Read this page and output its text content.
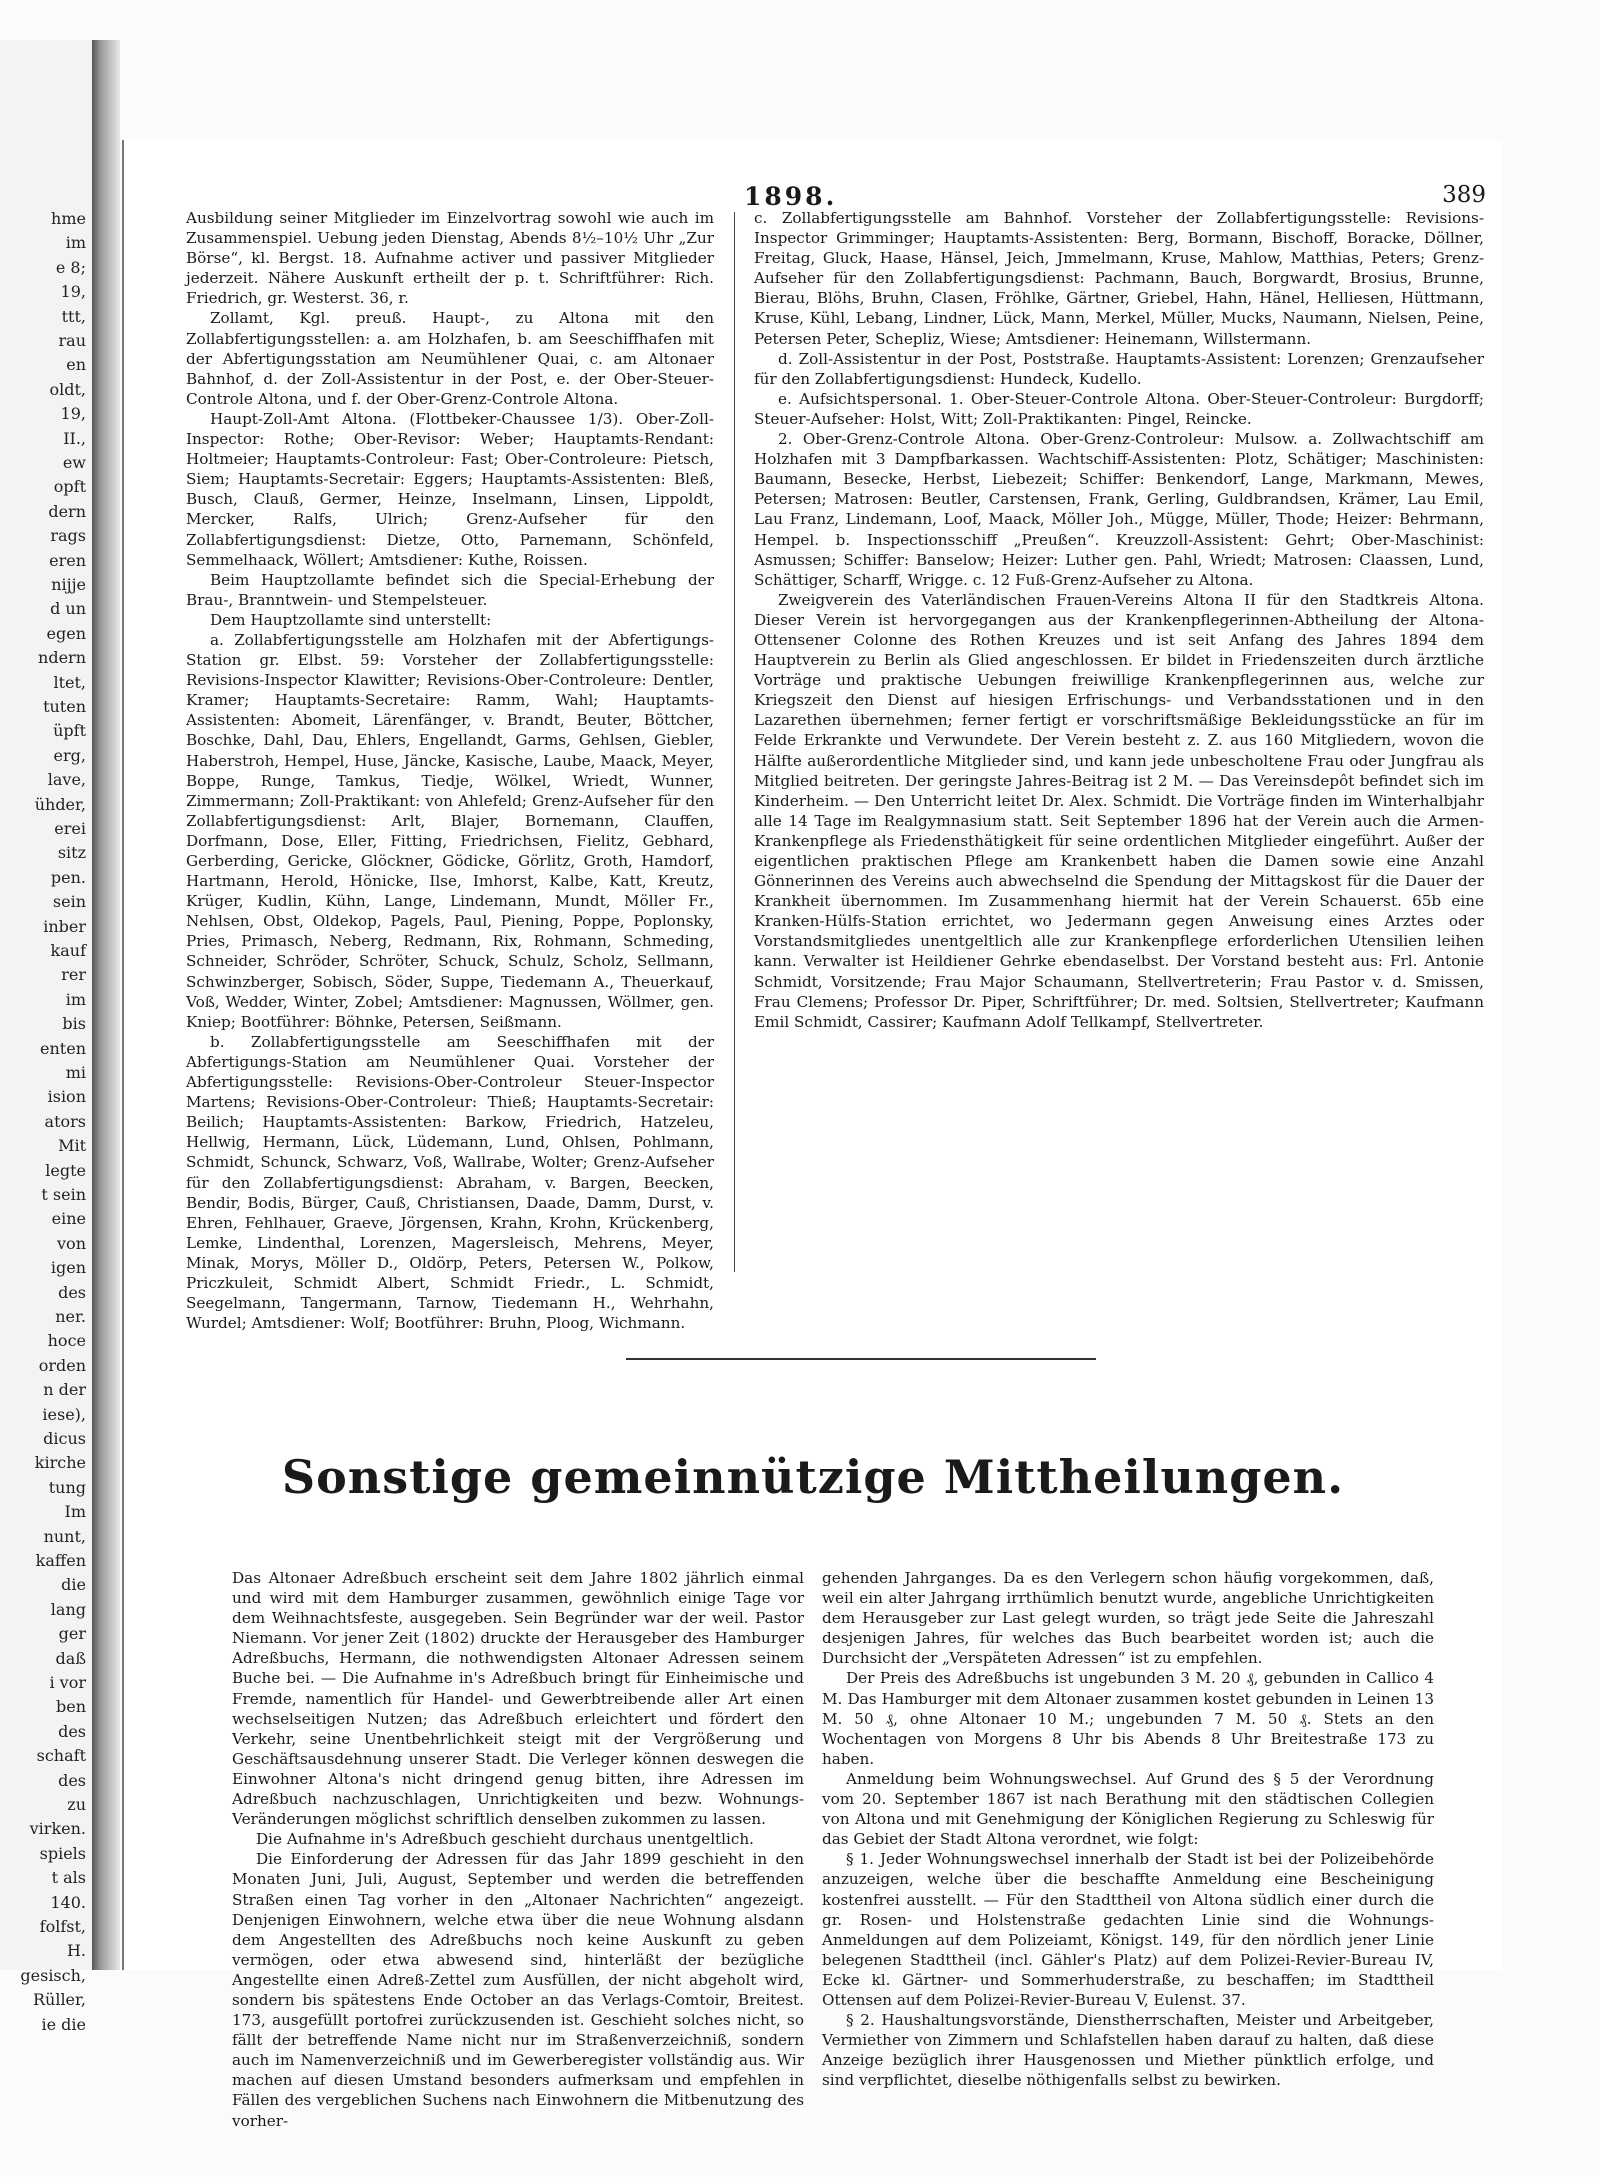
hme
im
e 8;
19,
ttt,
rau
en
oldt,
19,
II.,
ew
opft
dern
rags
eren
nijje
d un
egen
ndern
ltet,
tuten
üpft
erg,
lave,
ühder,
erei
sitz
pen.
sein
inber
kauf
rer
im
bis
enten
mi
ision
ators
Mit
legte
t sein
eine
von
igen
des
ner.
hoce
orden
n der
iese),
dicus
kirche
tung
Im
nunt,
kaffen
die
lang
ger
daß
i vor
ben
des
schaft
des
zu
virken.
spiels
t als
140.
folfst,
H.
gesisch,
Rüller,
ie die
1898.	389

Ausbildung seiner Mitglieder im Einzelvortrag sowohl wie auch im Zusammenspiel. Uebung jeden Dienstag, Abends 8½–10½ Uhr „Zur Börse“, kl. Bergst. 18. Aufnahme activer und passiver Mitglieder jederzeit. Nähere Auskunft ertheilt der p. t. Schriftführer: Rich. Friedrich, gr. Westerst. 36, r.

Zollamt, Kgl. preuß. Haupt-, zu Altona mit den Zollabfertigungsstellen: a. am Holzhafen, b. am Seeschiffhafen mit der Abfertigungsstation am Neumühlener Quai, c. am Altonaer Bahnhof, d. der Zoll-Assistentur in der Post, e. der Ober-Steuer-Controle Altona, und f. der Ober-Grenz-Controle Altona.

Haupt-Zoll-Amt Altona. (Flottbeker-Chaussee 1/3). Ober-Zoll-Inspector: Rothe; Ober-Revisor: Weber; Hauptamts-Rendant: Holtmeier; Hauptamts-Controleur: Fast; Ober-Controleure: Pietsch, Siem; Hauptamts-Secretair: Eggers; Hauptamts-Assistenten: Bleß, Busch, Clauß, Germer, Heinze, Inselmann, Linsen, Lippoldt, Mercker, Ralfs, Ulrich; Grenz-Aufseher für den Zollabfertigungsdienst: Dietze, Otto, Parnemann, Schönfeld, Semmelhaack, Wöllert; Amtsdiener: Kuthe, Roissen.

Beim Hauptzollamte befindet sich die Special-Erhebung der Brau-, Branntwein- und Stempelsteuer.

Dem Hauptzollamte sind unterstellt:

a. Zollabfertigungsstelle am Holzhafen mit der Abfertigungs-Station gr. Elbst. 59: Vorsteher der Zollabfertigungsstelle: Revisions-Inspector Klawitter; Revisions-Ober-Controleure: Dentler, Kramer; Hauptamts-Secretaire: Ramm, Wahl; Hauptamts-Assistenten: Abomeit, Lärenfänger, v. Brandt, Beuter, Böttcher, Boschke, Dahl, Dau, Ehlers, Engellandt, Garms, Gehlsen, Giebler, Haberstroh, Hempel, Huse, Jäncke, Kasische, Laube, Maack, Meyer, Boppe, Runge, Tamkus, Tiedje, Wölkel, Wriedt, Wunner, Zimmermann; Zoll-Praktikant: von Ahlefeld; Grenz-Aufseher für den Zollabfertigungsdienst: Arlt, Blajer, Bornemann, Clauffen, Dorfmann, Dose, Eller, Fitting, Friedrichsen, Fielitz, Gebhard, Gerberding, Gericke, Glöckner, Gödicke, Görlitz, Groth, Hamdorf, Hartmann, Herold, Hönicke, Ilse, Imhorst, Kalbe, Katt, Kreutz, Krüger, Kudlin, Kühn, Lange, Lindemann, Mundt, Möller Fr., Nehlsen, Obst, Oldekop, Pagels, Paul, Piening, Poppe, Poplonsky, Pries, Primasch, Neberg, Redmann, Rix, Rohmann, Schmeding, Schneider, Schröder, Schröter, Schuck, Schulz, Scholz, Sellmann, Schwinzberger, Sobisch, Söder, Suppe, Tiedemann A., Theuerkauf, Voß, Wedder, Winter, Zobel; Amtsdiener: Magnussen, Wöllmer, gen. Kniep; Bootführer: Böhnke, Petersen, Seißmann.

b. Zollabfertigungsstelle am Seeschiffhafen mit der Abfertigungs-Station am Neumühlener Quai. Vorsteher der Abfertigungsstelle: Revisions-Ober-Controleur Steuer-Inspector Martens; Revisions-Ober-Controleur: Thieß; Hauptamts-Secretair: Beilich; Hauptamts-Assistenten: Barkow, Friedrich, Hatzeleu, Hellwig, Hermann, Lück, Lüdemann, Lund, Ohlsen, Pohlmann, Schmidt, Schunck, Schwarz, Voß, Wallrabe, Wolter; Grenz-Aufseher für den Zollabfertigungsdienst: Abraham, v. Bargen, Beecken, Bendir, Bodis, Bürger, Cauß, Christiansen, Daade, Damm, Durst, v. Ehren, Fehlhauer, Graeve, Jörgensen, Krahn, Krohn, Krückenberg, Lemke, Lindenthal, Lorenzen, Magersleisch, Mehrens, Meyer, Minak, Morys, Möller D., Oldörp, Peters, Petersen W., Polkow, Priczkuleit, Schmidt Albert, Schmidt Friedr., L. Schmidt, Seegelmann, Tangermann, Tarnow, Tiedemann H., Wehrhahn, Wurdel; Amtsdiener: Wolf; Bootführer: Bruhn, Ploog, Wichmann.

c. Zollabfertigungsstelle am Bahnhof. Vorsteher der Zollabfertigungsstelle: Revisions-Inspector Grimminger; Hauptamts-Assistenten: Berg, Bormann, Bischoff, Boracke, Döllner, Freitag, Gluck, Haase, Hänsel, Jeich, Jmmelmann, Kruse, Mahlow, Matthias, Peters; Grenz-Aufseher für den Zollabfertigungsdienst: Pachmann, Bauch, Borgwardt, Brosius, Brunne, Bierau, Blöhs, Bruhn, Clasen, Fröhlke, Gärtner, Griebel, Hahn, Hänel, Helliesen, Hüttmann, Kruse, Kühl, Lebang, Lindner, Lück, Mann, Merkel, Müller, Mucks, Naumann, Nielsen, Peine, Petersen Peter, Schepliz, Wiese; Amtsdiener: Heinemann, Willstermann.

d. Zoll-Assistentur in der Post, Poststraße. Hauptamts-Assistent: Lorenzen; Grenzaufseher für den Zollabfertigungsdienst: Hundeck, Kudello.

e. Aufsichtspersonal. 1. Ober-Steuer-Controle Altona. Ober-Steuer-Controleur: Burgdorff; Steuer-Aufseher: Holst, Witt; Zoll-Praktikanten: Pingel, Reincke.

2. Ober-Grenz-Controle Altona. Ober-Grenz-Controleur: Mulsow. a. Zollwachtschiff am Holzhafen mit 3 Dampfbarkassen. Wachtschiff-Assistenten: Plotz, Schätiger; Maschinisten: Baumann, Besecke, Herbst, Liebezeit; Schiffer: Benkendorf, Lange, Markmann, Mewes, Petersen; Matrosen: Beutler, Carstensen, Frank, Gerling, Guldbrandsen, Krämer, Lau Emil, Lau Franz, Lindemann, Loof, Maack, Möller Joh., Mügge, Müller, Thode; Heizer: Behrmann, Hempel. b. Inspectionsschiff „Preußen“. Kreuzzoll-Assistent: Gehrt; Ober-Maschinist: Asmussen; Schiffer: Banselow; Heizer: Luther gen. Pahl, Wriedt; Matrosen: Claassen, Lund, Schättiger, Scharff, Wrigge. c. 12 Fuß-Grenz-Aufseher zu Altona.

Zweigverein des Vaterländischen Frauen-Vereins Altona II für den Stadtkreis Altona. Dieser Verein ist hervorgegangen aus der Krankenpflegerinnen-Abtheilung der Altona-Ottensener Colonne des Rothen Kreuzes und ist seit Anfang des Jahres 1894 dem Hauptverein zu Berlin als Glied angeschlossen. Er bildet in Friedenszeiten durch ärztliche Vorträge und praktische Uebungen freiwillige Krankenpflegerinnen aus, welche zur Kriegszeit den Dienst auf hiesigen Erfrischungs- und Verbandsstationen und in den Lazarethen übernehmen; ferner fertigt er vorschriftsmäßige Bekleidungsstücke an für im Felde Erkrankte und Verwundete. Der Verein besteht z. Z. aus 160 Mitgliedern, wovon die Hälfte außerordentliche Mitglieder sind, und kann jede unbescholtene Frau oder Jungfrau als Mitglied beitreten. Der geringste Jahres-Beitrag ist 2 M. — Das Vereinsdepôt befindet sich im Kinderheim. — Den Unterricht leitet Dr. Alex. Schmidt. Die Vorträge finden im Winterhalbjahr alle 14 Tage im Realgymnasium statt. Seit September 1896 hat der Verein auch die Armen-Krankenpflege als Friedensthätigkeit für seine ordentlichen Mitglieder eingeführt. Außer der eigentlichen praktischen Pflege am Krankenbett haben die Damen sowie eine Anzahl Gönnerinnen des Vereins auch abwechselnd die Spendung der Mittagskost für die Dauer der Krankheit übernommen. Im Zusammenhang hiermit hat der Verein Schauerst. 65b eine Kranken-Hülfs-Station errichtet, wo Jedermann gegen Anweisung eines Arztes oder Vorstandsmitgliedes unentgeltlich alle zur Krankenpflege erforderlichen Utensilien leihen kann. Verwalter ist Heildiener Gehrke ebendaselbst. Der Vorstand besteht aus: Frl. Antonie Schmidt, Vorsitzende; Frau Major Schaumann, Stellvertreterin; Frau Pastor v. d. Smissen, Frau Clemens; Professor Dr. Piper, Schriftführer; Dr. med. Soltsien, Stellvertreter; Kaufmann Emil Schmidt, Cassirer; Kaufmann Adolf Tellkampf, Stellvertreter.

Sonstige gemeinnützige Mittheilungen.

Das Altonaer Adreßbuch erscheint seit dem Jahre 1802 jährlich einmal und wird mit dem Hamburger zusammen, gewöhnlich einige Tage vor dem Weihnachtsfeste, ausgegeben. Sein Begründer war der weil. Pastor Niemann. Vor jener Zeit (1802) druckte der Herausgeber des Hamburger Adreßbuchs, Hermann, die nothwendigsten Altonaer Adressen seinem Buche bei. — Die Aufnahme in's Adreßbuch bringt für Einheimische und Fremde, namentlich für Handel- und Gewerbtreibende aller Art einen wechselseitigen Nutzen; das Adreßbuch erleichtert und fördert den Verkehr, seine Unentbehrlichkeit steigt mit der Vergrößerung und Geschäftsausdehnung unserer Stadt. Die Verleger können deswegen die Einwohner Altona's nicht dringend genug bitten, ihre Adressen im Adreßbuch nachzuschlagen, Unrichtigkeiten und bezw. Wohnungs-Veränderungen möglichst schriftlich denselben zukommen zu lassen.

Die Aufnahme in's Adreßbuch geschieht durchaus unentgeltlich.

Die Einforderung der Adressen für das Jahr 1899 geschieht in den Monaten Juni, Juli, August, September und werden die betreffenden Straßen einen Tag vorher in den „Altonaer Nachrichten“ angezeigt. Denjenigen Einwohnern, welche etwa über die neue Wohnung alsdann dem Angestellten des Adreßbuchs noch keine Auskunft zu geben vermögen, oder etwa abwesend sind, hinterläßt der bezügliche Angestellte einen Adreß-Zettel zum Ausfüllen, der nicht abgeholt wird, sondern bis spätestens Ende October an das Verlags-Comtoir, Breitest. 173, ausgefüllt portofrei zurückzusenden ist. Geschieht solches nicht, so fällt der betreffende Name nicht nur im Straßenverzeichniß, sondern auch im Namenverzeichniß und im Gewerberegister vollständig aus. Wir machen auf diesen Umstand besonders aufmerksam und empfehlen in Fällen des vergeblichen Suchens nach Einwohnern die Mitbenutzung des vorher-

gehenden Jahrganges. Da es den Verlegern schon häufig vorgekommen, daß, weil ein alter Jahrgang irrthümlich benutzt wurde, angebliche Unrichtigkeiten dem Herausgeber zur Last gelegt wurden, so trägt jede Seite die Jahreszahl desjenigen Jahres, für welches das Buch bearbeitet worden ist; auch die Durchsicht der „Verspäteten Adressen“ ist zu empfehlen.

Der Preis des Adreßbuchs ist ungebunden 3 M. 20 ₰, gebunden in Callico 4 M. Das Hamburger mit dem Altonaer zusammen kostet gebunden in Leinen 13 M. 50 ₰, ohne Altonaer 10 M.; ungebunden 7 M. 50 ₰. Stets an den Wochentagen von Morgens 8 Uhr bis Abends 8 Uhr Breitestraße 173 zu haben.

Anmeldung beim Wohnungswechsel. Auf Grund des § 5 der Verordnung vom 20. September 1867 ist nach Berathung mit den städtischen Collegien von Altona und mit Genehmigung der Königlichen Regierung zu Schleswig für das Gebiet der Stadt Altona verordnet, wie folgt:

§ 1. Jeder Wohnungswechsel innerhalb der Stadt ist bei der Polizeibehörde anzuzeigen, welche über die beschaffte Anmeldung eine Bescheinigung kostenfrei ausstellt. — Für den Stadttheil von Altona südlich einer durch die gr. Rosen- und Holstenstraße gedachten Linie sind die Wohnungs-Anmeldungen auf dem Polizeiamt, Königst. 149, für den nördlich jener Linie belegenen Stadttheil (incl. Gähler's Platz) auf dem Polizei-Revier-Bureau IV, Ecke kl. Gärtner- und Sommerhuderstraße, zu beschaffen; im Stadttheil Ottensen auf dem Polizei-Revier-Bureau V, Eulenst. 37.

§ 2. Haushaltungsvorstände, Dienstherrschaften, Meister und Arbeitgeber, Vermiether von Zimmern und Schlafstellen haben darauf zu halten, daß diese Anzeige bezüglich ihrer Hausgenossen und Miether pünktlich erfolge, und sind verpflichtet, dieselbe nöthigenfalls selbst zu bewirken.
